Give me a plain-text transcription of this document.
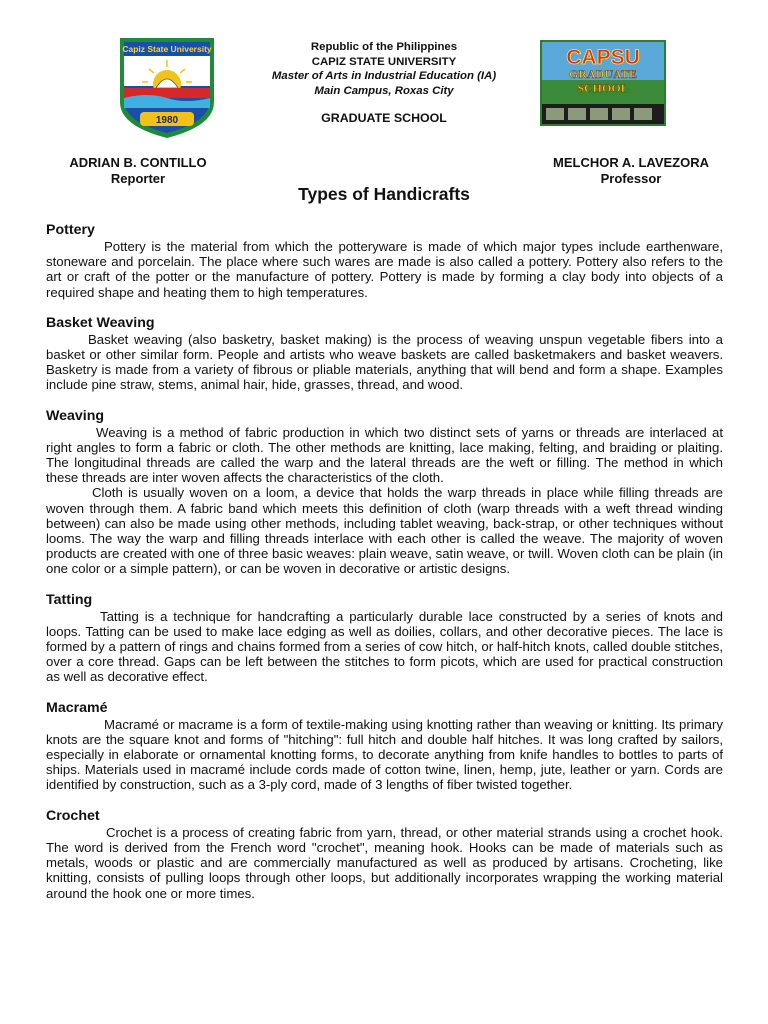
Capiz State University
1980
Republic of the Philippines
CAPIZ STATE UNIVERSITY
Master of Arts in Industrial Education (IA)
Main Campus, Roxas City
GRADUATE SCHOOL
CAPSU
GRADUATE
SCHOOL
ADRIAN B. CONTILLO
Reporter
MELCHOR A. LAVEZORA
Professor
Types of Handicrafts
Pottery

Pottery is the material from which the potteryware is made of which major types include earthenware, stoneware and porcelain. The place where such wares are made is also called a pottery. Pottery also refers to the art or craft of the potter or the manufacture of pottery. Pottery is made by forming a clay body into objects of a required shape and heating them to high temperatures.

Basket Weaving

Basket weaving (also basketry, basket making) is the process of weaving unspun vegetable fibers into a basket or other similar form. People and artists who weave baskets are called basketmakers and basket weavers. Basketry is made from a variety of fibrous or pliable materials, anything that will bend and form a shape. Examples include pine straw, stems, animal hair, hide, grasses, thread, and wood.

Weaving

Weaving is a method of fabric production in which two distinct sets of yarns or threads are interlaced at right angles to form a fabric or cloth. The other methods are knitting, lace making, felting, and braiding or plaiting. The longitudinal threads are called the warp and the lateral threads are the weft or filling. The method in which these threads are inter woven affects the characteristics of the cloth.

Cloth is usually woven on a loom, a device that holds the warp threads in place while filling threads are woven through them. A fabric band which meets this definition of cloth (warp threads with a weft thread winding between) can also be made using other methods, including tablet weaving, back-strap, or other techniques without looms. The way the warp and filling threads interlace with each other is called the weave. The majority of woven products are created with one of three basic weaves: plain weave, satin weave, or twill. Woven cloth can be plain (in one color or a simple pattern), or can be woven in decorative or artistic designs.

Tatting

Tatting is a technique for handcrafting a particularly durable lace constructed by a series of knots and loops. Tatting can be used to make lace edging as well as doilies, collars, and other decorative pieces. The lace is formed by a pattern of rings and chains formed from a series of cow hitch, or half-hitch knots, called double stitches, over a core thread. Gaps can be left between the stitches to form picots, which are used for practical construction as well as decorative effect.

Macramé

Macramé or macrame is a form of textile-making using knotting rather than weaving or knitting. Its primary knots are the square knot and forms of "hitching": full hitch and double half hitches. It was long crafted by sailors, especially in elaborate or ornamental knotting forms, to decorate anything from knife handles to bottles to parts of ships. Materials used in macramé include cords made of cotton twine, linen, hemp, jute, leather or yarn. Cords are identified by construction, such as a 3-ply cord, made of 3 lengths of fiber twisted together.

Crochet

Crochet is a process of creating fabric from yarn, thread, or other material strands using a crochet hook. The word is derived from the French word "crochet", meaning hook. Hooks can be made of materials such as metals, woods or plastic and are commercially manufactured as well as produced by artisans. Crocheting, like knitting, consists of pulling loops through other loops, but additionally incorporates wrapping the working material around the hook one or more times.
